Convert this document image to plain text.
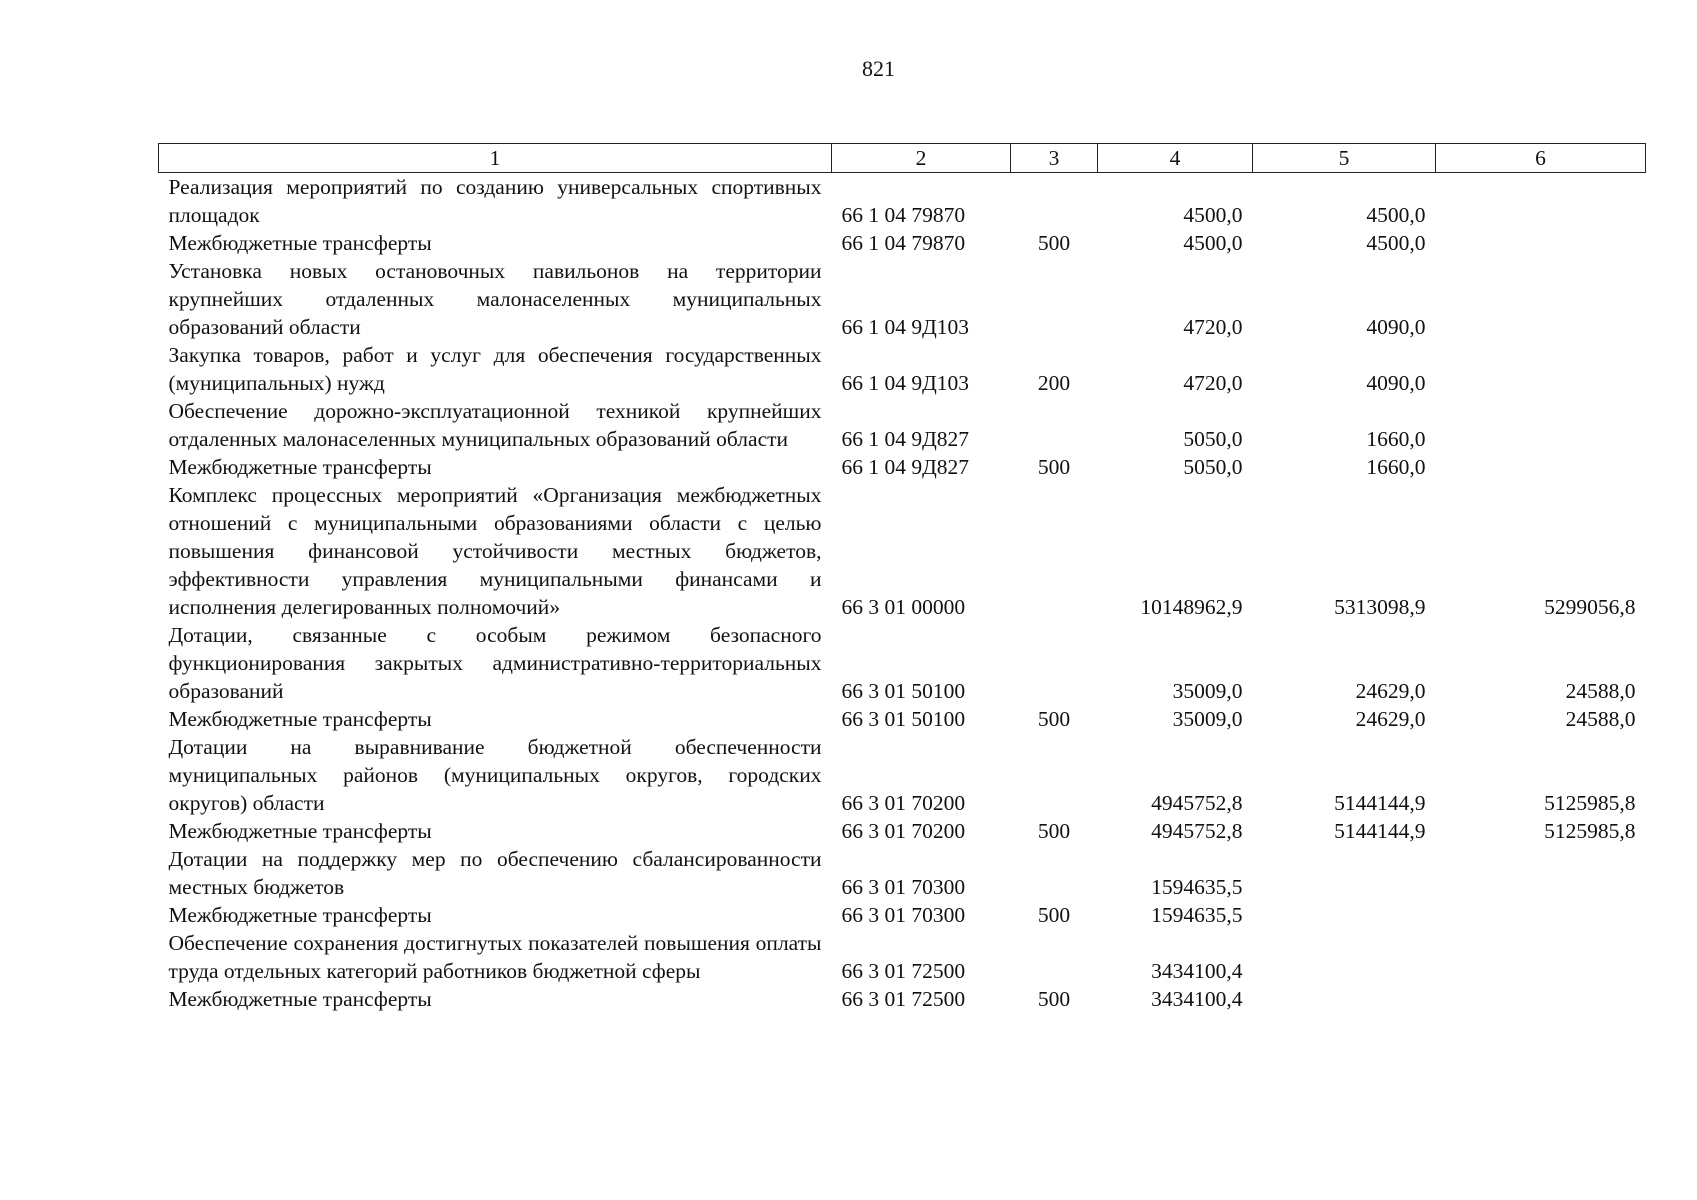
821
1	2	3	4	5	6
Реализация мероприятий по созданию универсальных спортивных площадок	66 1 04 79870		4500,0	4500,0	
Межбюджетные трансферты	66 1 04 79870	500	4500,0	4500,0	
Установка новых остановочных павильонов на территории крупнейших отдаленных малонаселенных муниципальных образований области	66 1 04 9Д103		4720,0	4090,0	
Закупка товаров, работ и услуг для обеспечения государственных (муниципальных) нужд	66 1 04 9Д103	200	4720,0	4090,0	
Обеспечение дорожно-эксплуатационной техникой крупнейших отдаленных малонаселенных муниципальных образований области	66 1 04 9Д827		5050,0	1660,0	
Межбюджетные трансферты	66 1 04 9Д827	500	5050,0	1660,0	
Комплекс процессных мероприятий «Организация межбюджетных отношений с муниципальными образованиями области с целью повышения финансовой устойчивости местных бюджетов, эффективности управления муниципальными финансами и исполнения делегированных полномочий»	66 3 01 00000		10148962,9	5313098,9	5299056,8
Дотации, связанные с особым режимом безопасного функционирования закрытых административно-территориальных образований	66 3 01 50100		35009,0	24629,0	24588,0
Межбюджетные трансферты	66 3 01 50100	500	35009,0	24629,0	24588,0
Дотации на выравнивание бюджетной обеспеченности муниципальных районов (муниципальных округов, городских округов) области	66 3 01 70200		4945752,8	5144144,9	5125985,8
Межбюджетные трансферты	66 3 01 70200	500	4945752,8	5144144,9	5125985,8
Дотации на поддержку мер по обеспечению сбалансированности местных бюджетов	66 3 01 70300		1594635,5		
Межбюджетные трансферты	66 3 01 70300	500	1594635,5		
Обеспечение сохранения достигнутых показателей повышения оплаты труда отдельных категорий работников бюджетной сферы	66 3 01 72500		3434100,4		
Межбюджетные трансферты	66 3 01 72500	500	3434100,4		
